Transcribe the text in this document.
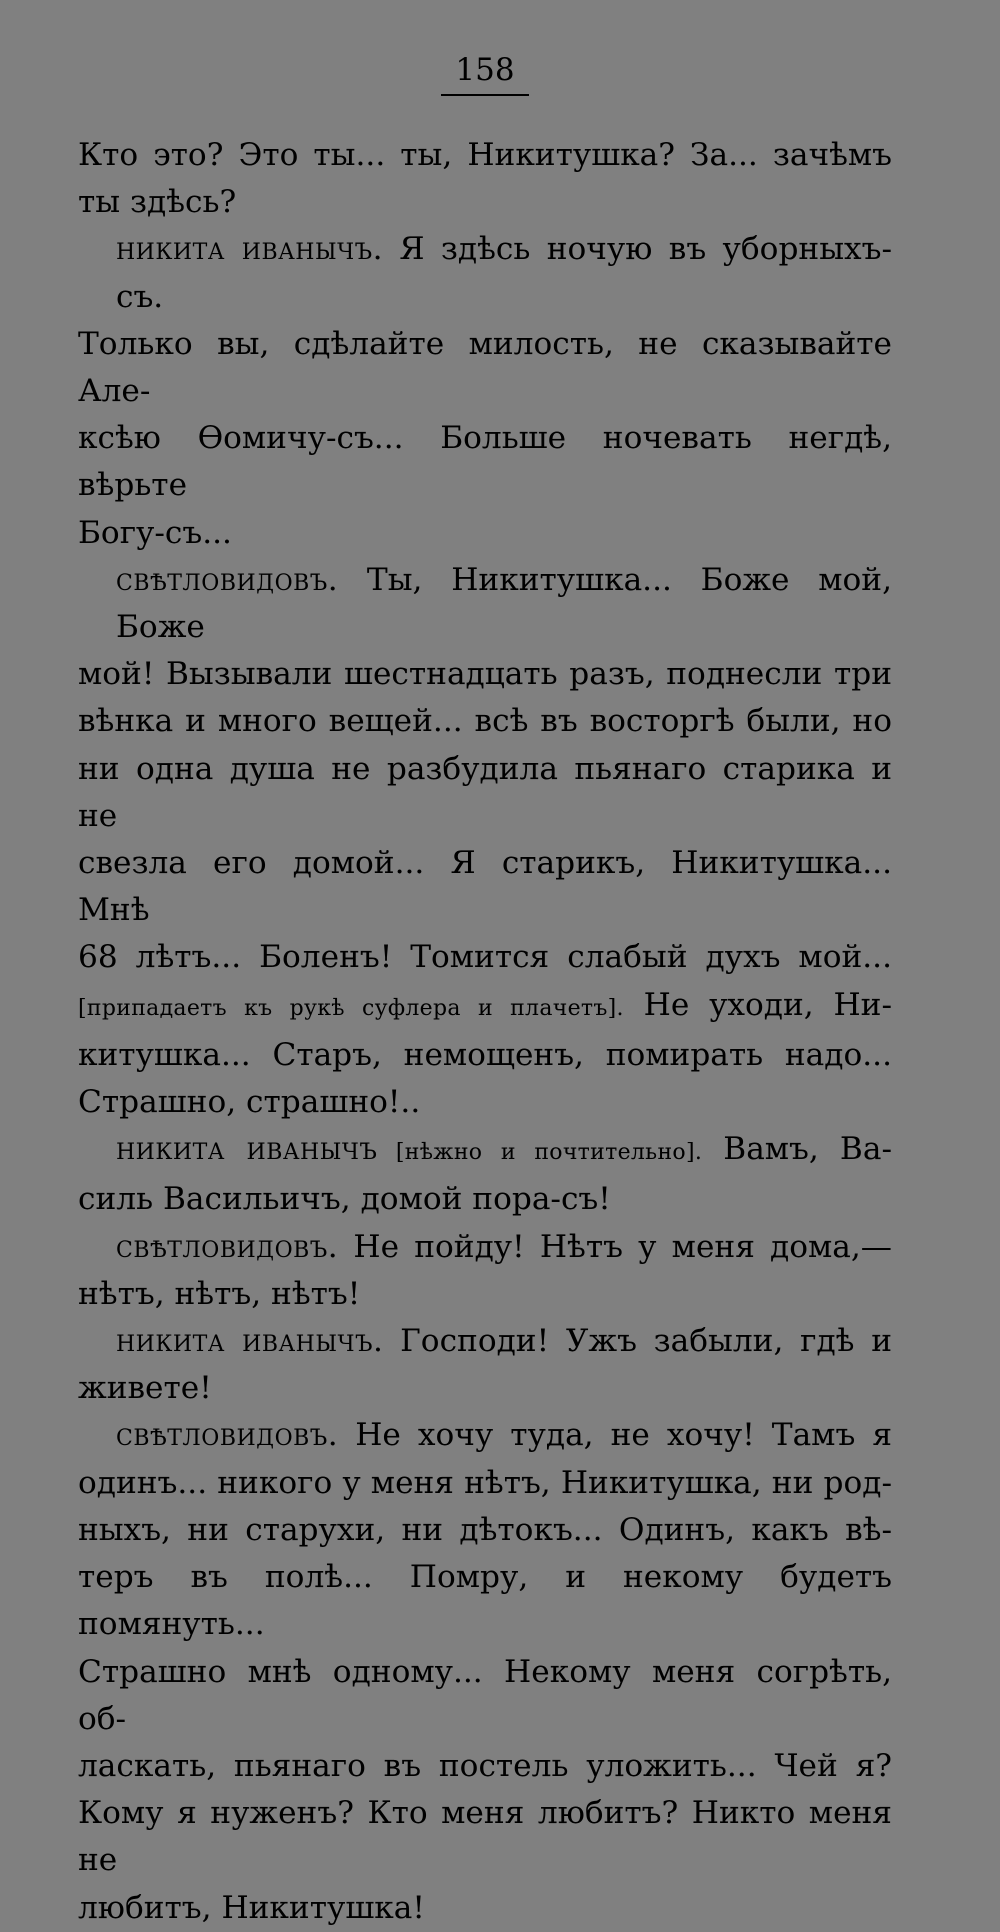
158
Кто это? Это ты... ты, Никитушка? За... зачѣмъ
ты здѣсь?
никита иванычъ. Я здѣсь ночую въ уборныхъ-съ.
Только вы, сдѣлайте милость, не сказывайте Але-
ксѣю Ѳомичу-съ... Больше ночевать негдѣ, вѣрьте
Богу-съ...
свѣтловидовъ. Ты, Никитушка... Боже мой, Боже
мой! Вызывали шестнадцать разъ, поднесли три
вѣнка и много вещей... всѣ въ восторгѣ были, но
ни одна душа не разбудила пьянаго старика и не
свезла его домой... Я старикъ, Никитушка... Мнѣ
68 лѣтъ... Боленъ! Томится слабый духъ мой...
[припадаетъ къ рукѣ суфлера и плачетъ]. Не уходи, Ни-
китушка... Старъ, немощенъ, помирать надо...
Страшно, страшно!..
никита иванычъ [нѣжно и почтительно]. Вамъ, Ва-
силь Васильичъ, домой пора-съ!
свѣтловидовъ. Не пойду! Нѣтъ у меня дома,—
нѣтъ, нѣтъ, нѣтъ!
никита иванычъ. Господи! Ужъ забыли, гдѣ и
живете!
свѣтловидовъ. Не хочу туда, не хочу! Тамъ я
одинъ... никого у меня нѣтъ, Никитушка, ни род-
ныхъ, ни старухи, ни дѣтокъ... Одинъ, какъ вѣ-
теръ въ полѣ... Помру, и некому будетъ помянуть...
Страшно мнѣ одному... Некому меня согрѣть, об-
ласкать, пьянаго въ постель уложить... Чей я?
Кому я нуженъ? Кто меня любитъ? Никто меня не
любитъ, Никитушка!
